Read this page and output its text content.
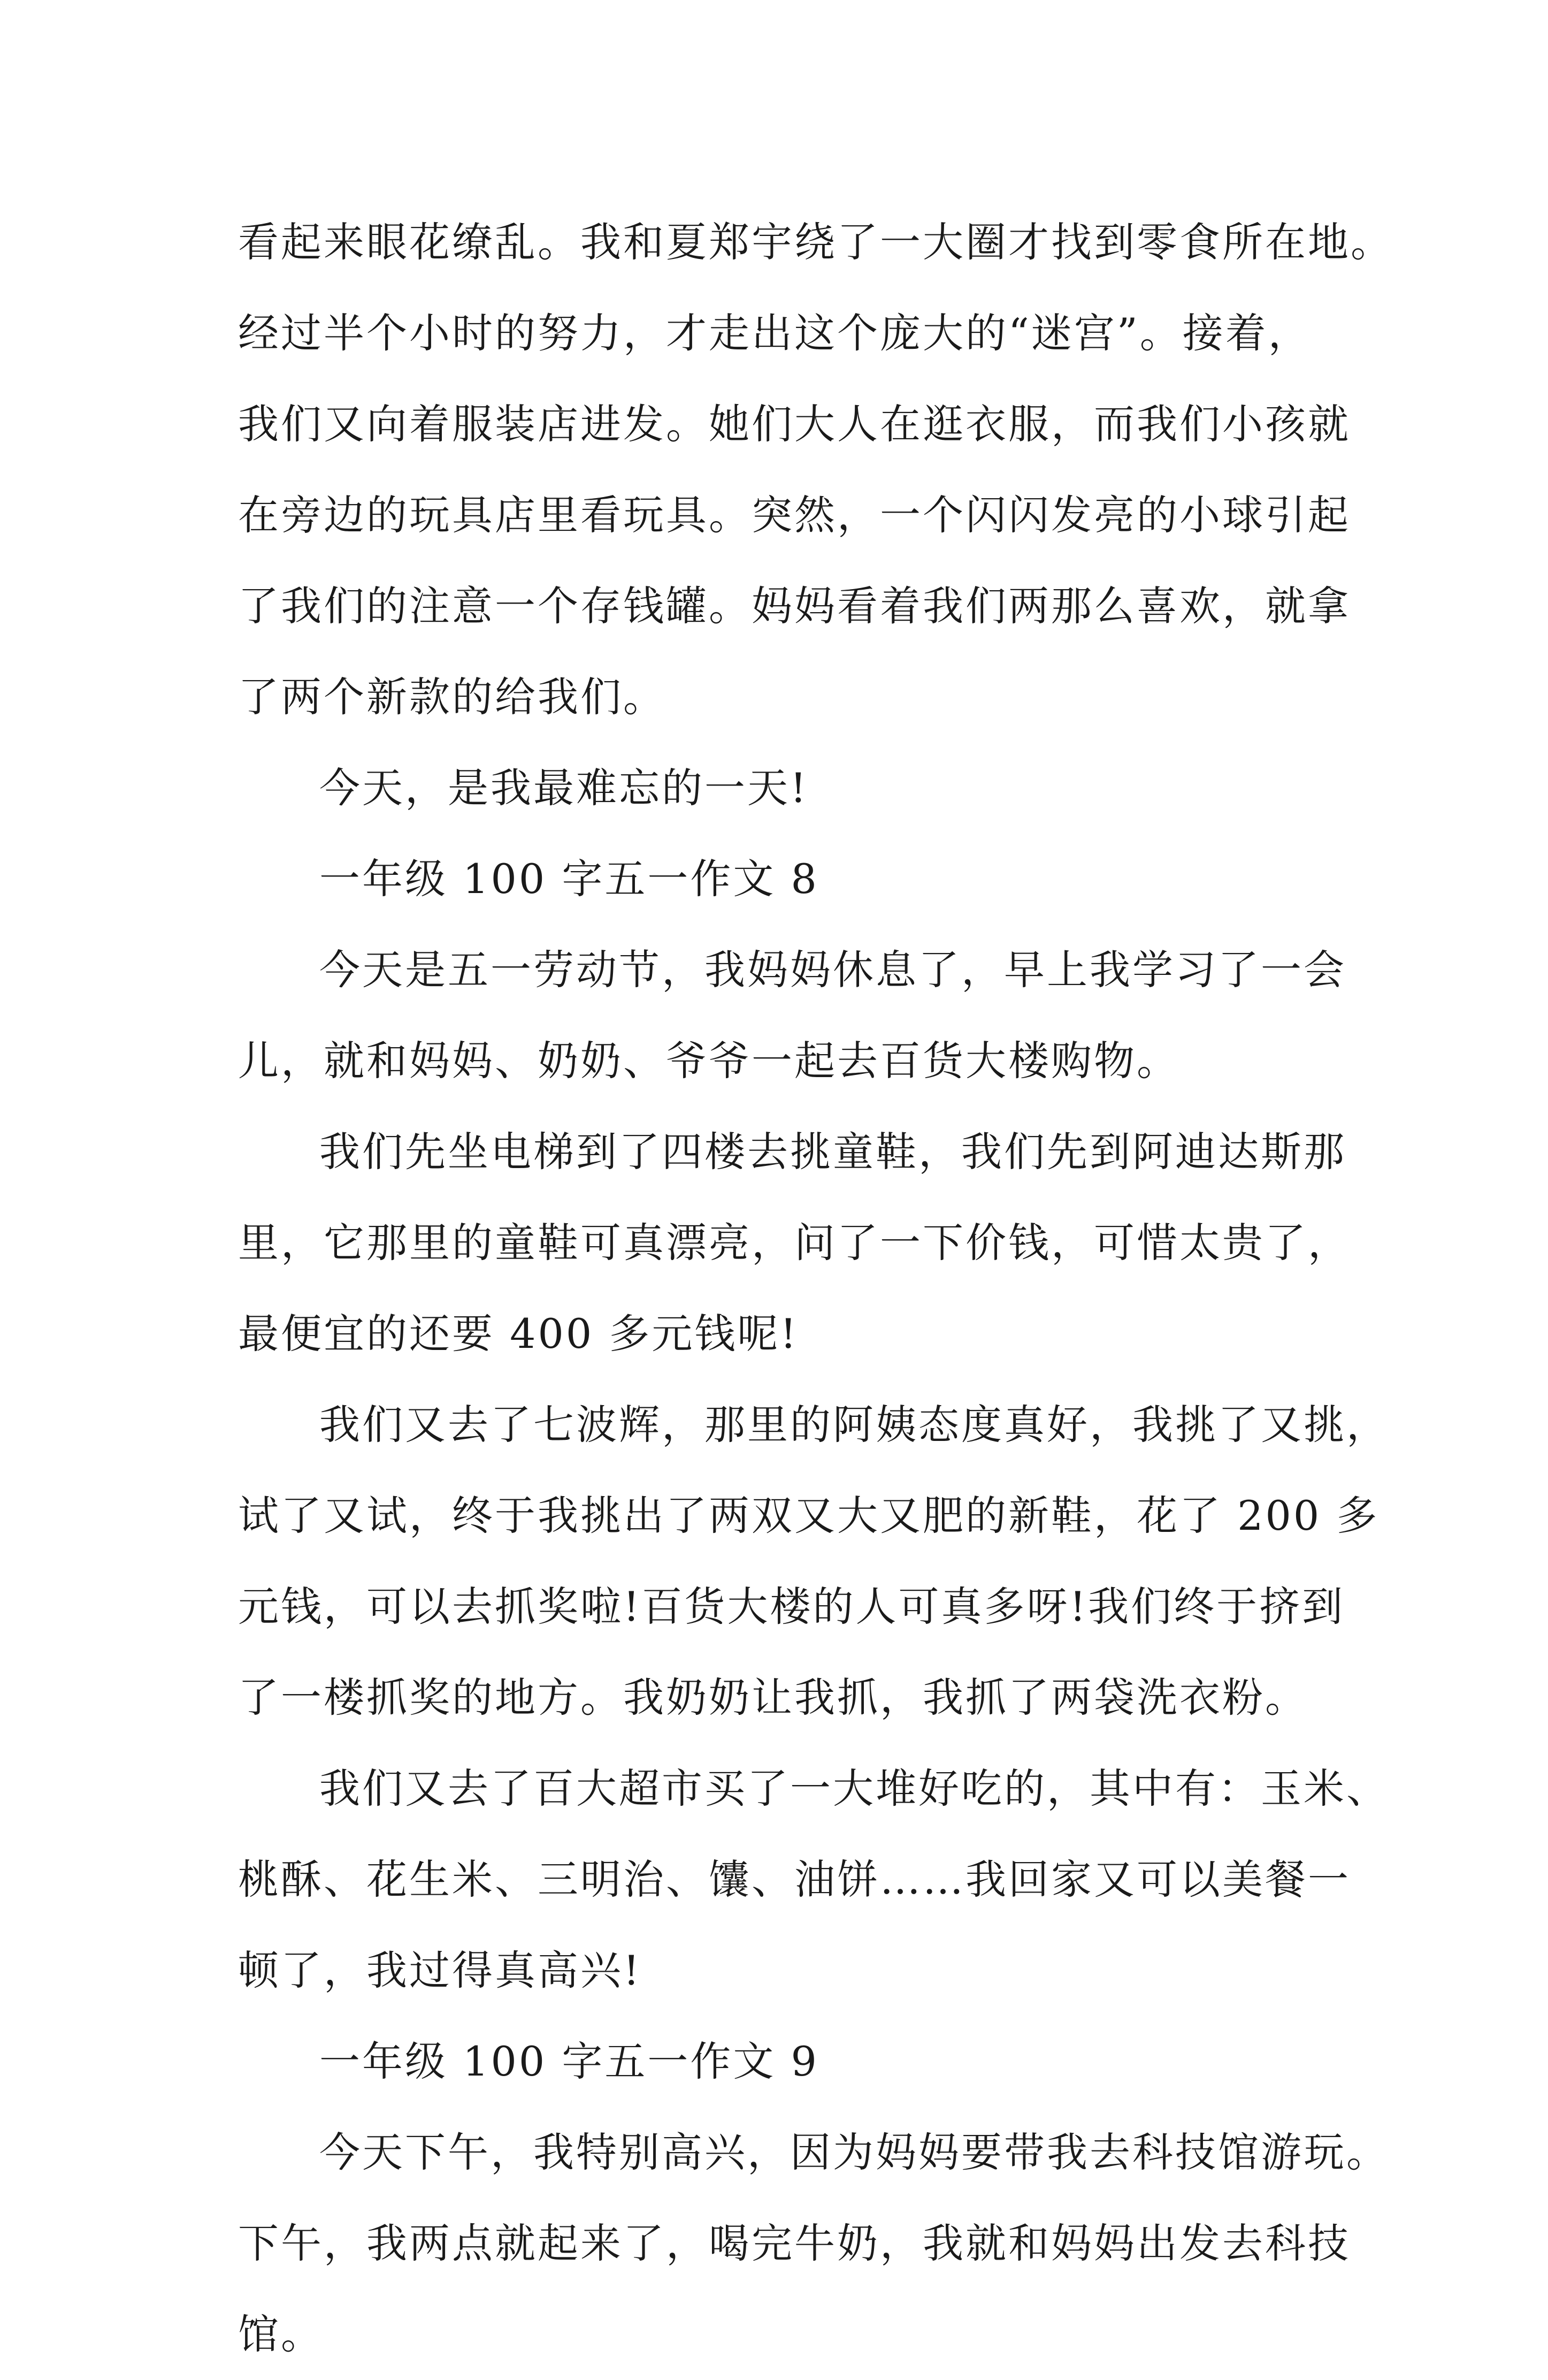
看起来眼花缭乱。我和夏郑宇绕了一大圈才找到零食所在地。
经过半个小时的努力，才走出这个庞大的“迷宫”。接着，
我们又向着服装店进发。她们大人在逛衣服，而我们小孩就
在旁边的玩具店里看玩具。突然，一个闪闪发亮的小球引起
了我们的注意一个存钱罐。妈妈看着我们两那么喜欢，就拿
了两个新款的给我们。
今天，是我最难忘的一天!
一年级 100 字五一作文 8
今天是五一劳动节，我妈妈休息了，早上我学习了一会
儿，就和妈妈、奶奶、爷爷一起去百货大楼购物。
我们先坐电梯到了四楼去挑童鞋，我们先到阿迪达斯那
里，它那里的童鞋可真漂亮，问了一下价钱，可惜太贵了，
最便宜的还要 400 多元钱呢!
我们又去了七波辉，那里的阿姨态度真好，我挑了又挑，
试了又试，终于我挑出了两双又大又肥的新鞋，花了 200 多
元钱，可以去抓奖啦!百货大楼的人可真多呀!我们终于挤到
了一楼抓奖的地方。我奶奶让我抓，我抓了两袋洗衣粉。
我们又去了百大超市买了一大堆好吃的，其中有：玉米、
桃酥、花生米、三明治、馕、油饼……我回家又可以美餐一
顿了，我过得真高兴!
一年级 100 字五一作文 9
今天下午，我特别高兴，因为妈妈要带我去科技馆游玩。
下午，我两点就起来了，喝完牛奶，我就和妈妈出发去科技
馆。
